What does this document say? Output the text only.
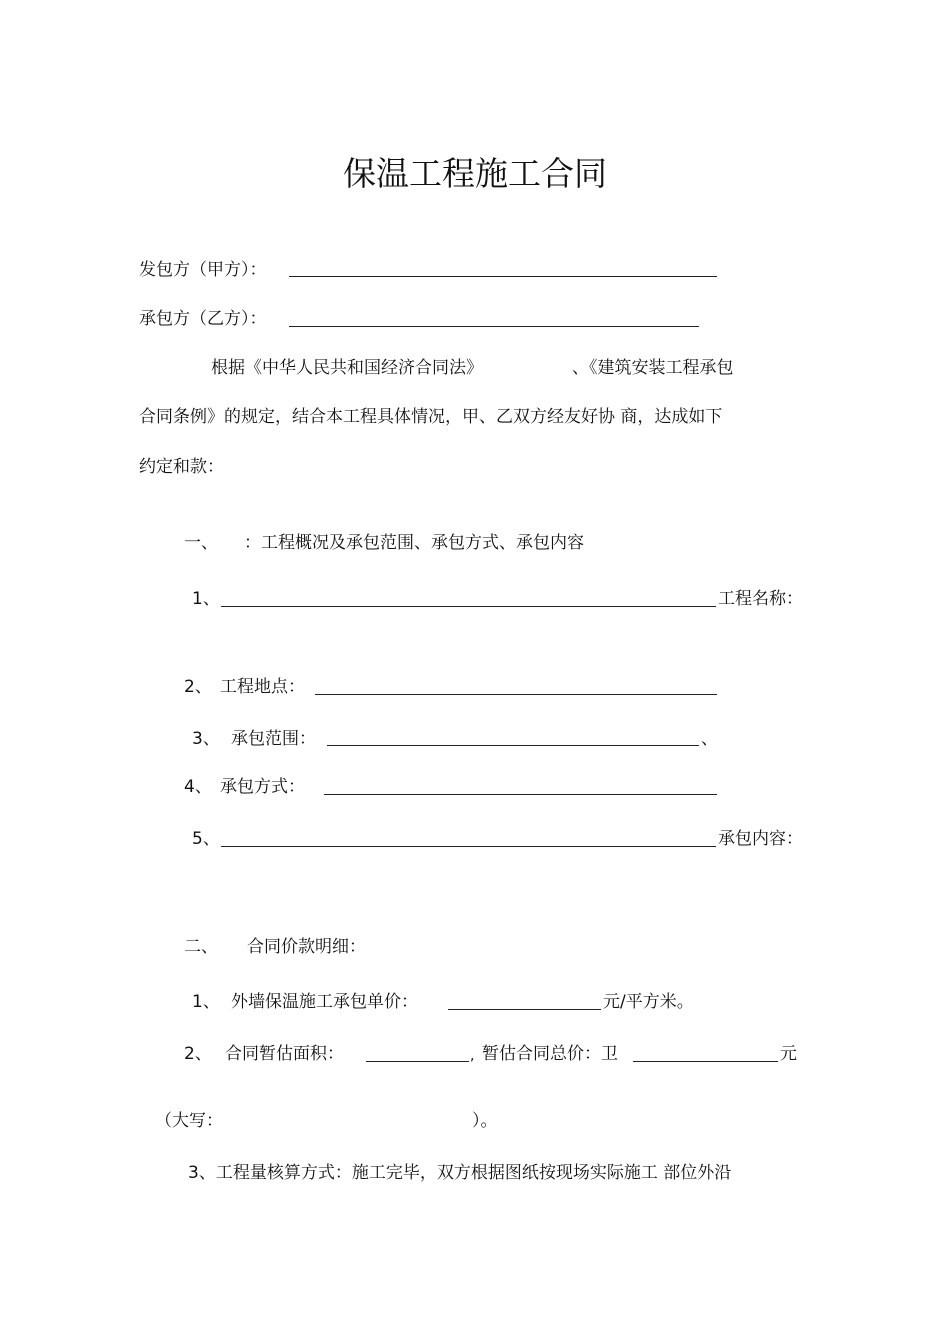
保温工程施工合同
发包方（甲方）：
承包方（乙方）：
根据《中华人民共和国经济合同法》	、《建筑安装工程承包
合同条例》的规定，结合本工程具体情况，甲、乙双方经友好协 商，达成如下
约定和款：
一、 ：工程概况及承包范围、承包方式、承包内容
1、	工程名称：
2、 工程地点：
3、 承包范围：	、
4、 承包方式：
5、	承包内容：
二、 合同价款明细：
1、 外墙保温施工承包单价：	元/平方米。
2、 合同暂估面积：	, 暂估合同总价：卫	元
（大写：	）。
3、工程量核算方式：施工完毕，双方根据图纸按现场实际施工 部位外沿
